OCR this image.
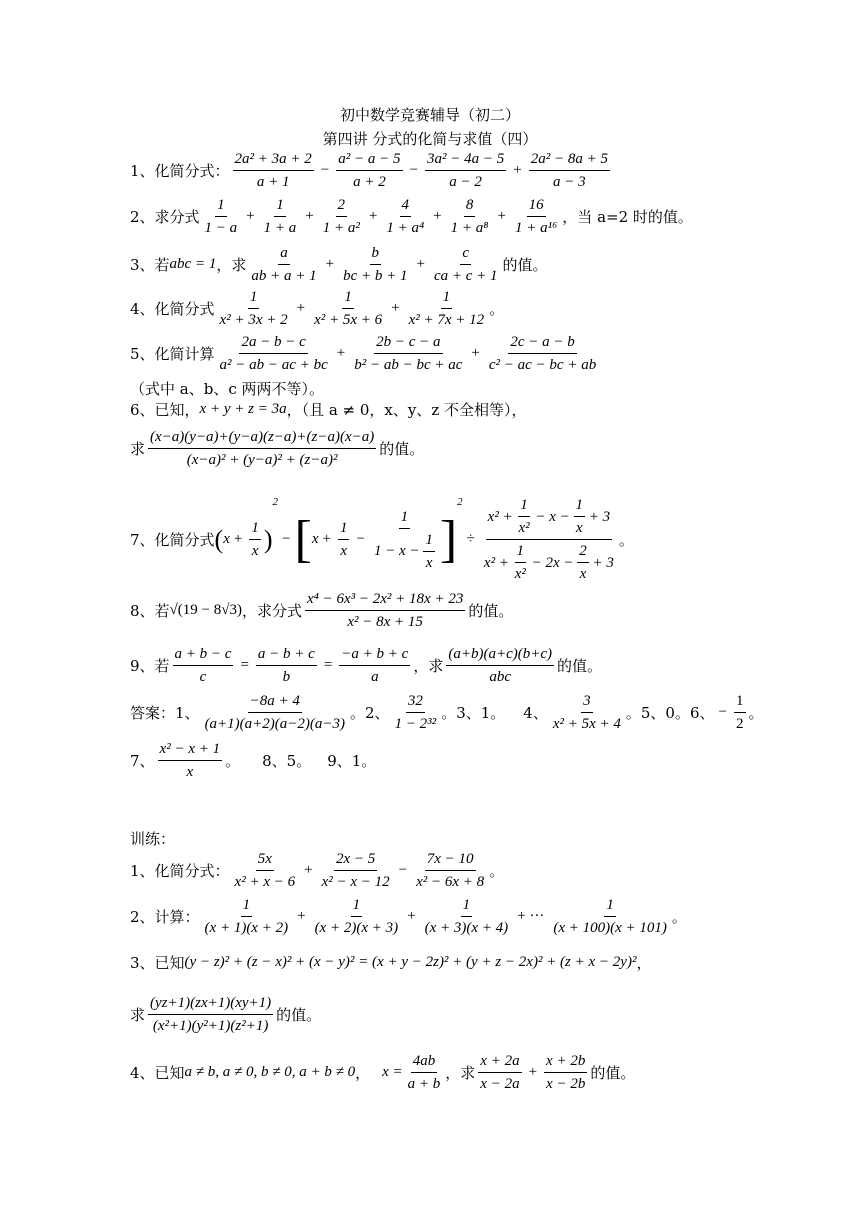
初中数学竞赛辅导（初二）
第四讲 分式的化简与求值（四）
1、化简分式： $\frac{\text{2a² + 3a + 2}}{a + 1} - \frac{\text{a² − a − 5}}{a + 2} - \frac{\text{3a² − 4a − 5}}{a - 2} + \frac{\text{2a² − 8a + 5}}{a - 3}$
2、求分式 $\frac{1}{1 - a} + \frac{1}{1 + a} + \frac{2}{\text{1 + a²}} + \frac{4}{\text{1 + a⁴}} + \frac{8}{\text{1 + a⁸}} + \frac{16}{\text{1 + a¹⁶}}$ ，当 a=2 时的值。
3、若 abc = 1 ，求 $\frac{a}{ab + a + 1} + \frac{b}{bc + b + 1} + \frac{c}{ca + c + 1}$ 的值。
4、化简分式 $\frac{1}{\text{x² + 3x + 2}} + \frac{1}{\text{x² + 5x + 6}} + \frac{1}{\text{x² + 7x + 12}}$ 。
5、化简计算 $\frac{2a - b - c}{\text{a² − ab − ac + bc}} + \frac{2b - c - a}{\text{b² − ab − bc + ac}} + \frac{2c - a - b}{\text{c² − ac − bc + ab}}$
（式中 a、b、c 两两不等）。
6、已知， x + y + z = 3a ，（且 a ≠ 0，x、y、z 不全相等），
求 $\frac{(x-a)(y-a)+(y-a)(z-a)+(z-a)(x-a)}{\text{(x−a)² + (y−a)² + (z−a)²}}$ 的值。
7、化简分式 ( $x + \frac{1}{x}$ )
2
− [ $x + \frac{1}{x} - \frac{1}{1 - x - \frac{1}{x}}$ ]
2
÷ $\frac{x^2 + \frac{1}{\text{x²}} - x - \frac{1}{x} + 3}{x^2 + \frac{1}{\text{x²}} - 2x - \frac{2}{x} + 3}$ 。
8、若 √(19 − 8√3) ，求分式 $\frac{\text{x⁴ − 6x³ − 2x² + 18x + 23}}{\text{x² − 8x + 15}}$ 的值。
9、若 $\frac{a + b - c}{c} = \frac{a - b + c}{b} = \frac{-a + b + c}{a}$ ，求 $\frac{(a+b)(a+c)(b+c)}{\text{abc}}$ 的值。
答案： 1、 $\frac{-8a + 4}{(a+1)(a+2)(a-2)(a-3)}$ 。2、 $\frac{32}{\text{1 − 2³²}}$ 。3、1。 4、 $\frac{3}{\text{x² + 5x + 4}}$ 。5、0。6、 − $\frac{1}{2}$ 。
7、 $\frac{\text{x² − x + 1}}{x}$ 。 8、5。 9、1。
训练：
1、化简分式： $\frac{5x}{\text{x² + x − 6}} + \frac{2x - 5}{\text{x² − x − 12}} - \frac{7x - 10}{\text{x² − 6x + 8}}$ 。
2、计算： $\frac{1}{(x + 1)(x + 2)} + \frac{1}{(x + 2)(x + 3)} + \frac{1}{(x + 3)(x + 4)}$ + ··· $\frac{1}{(x + 100)(x + 101)}$ 。
3、已知 (y − z)² + (z − x)² + (x − y)² = (x + y − 2z)² + (y + z − 2x)² + (z + x − 2y)² ，
求 $\frac{(yz+1)(zx+1)(xy+1)}{\text{(x²+1)(y²+1)(z²+1)}}$ 的值。
4、已知 a ≠ b, a ≠ 0, b ≠ 0, a + b ≠ 0 ， $x = \frac{4ab}{a + b}$ ，求 $\frac{x + 2a}{x - 2a} + \frac{x + 2b}{x - 2b}$ 的值。
